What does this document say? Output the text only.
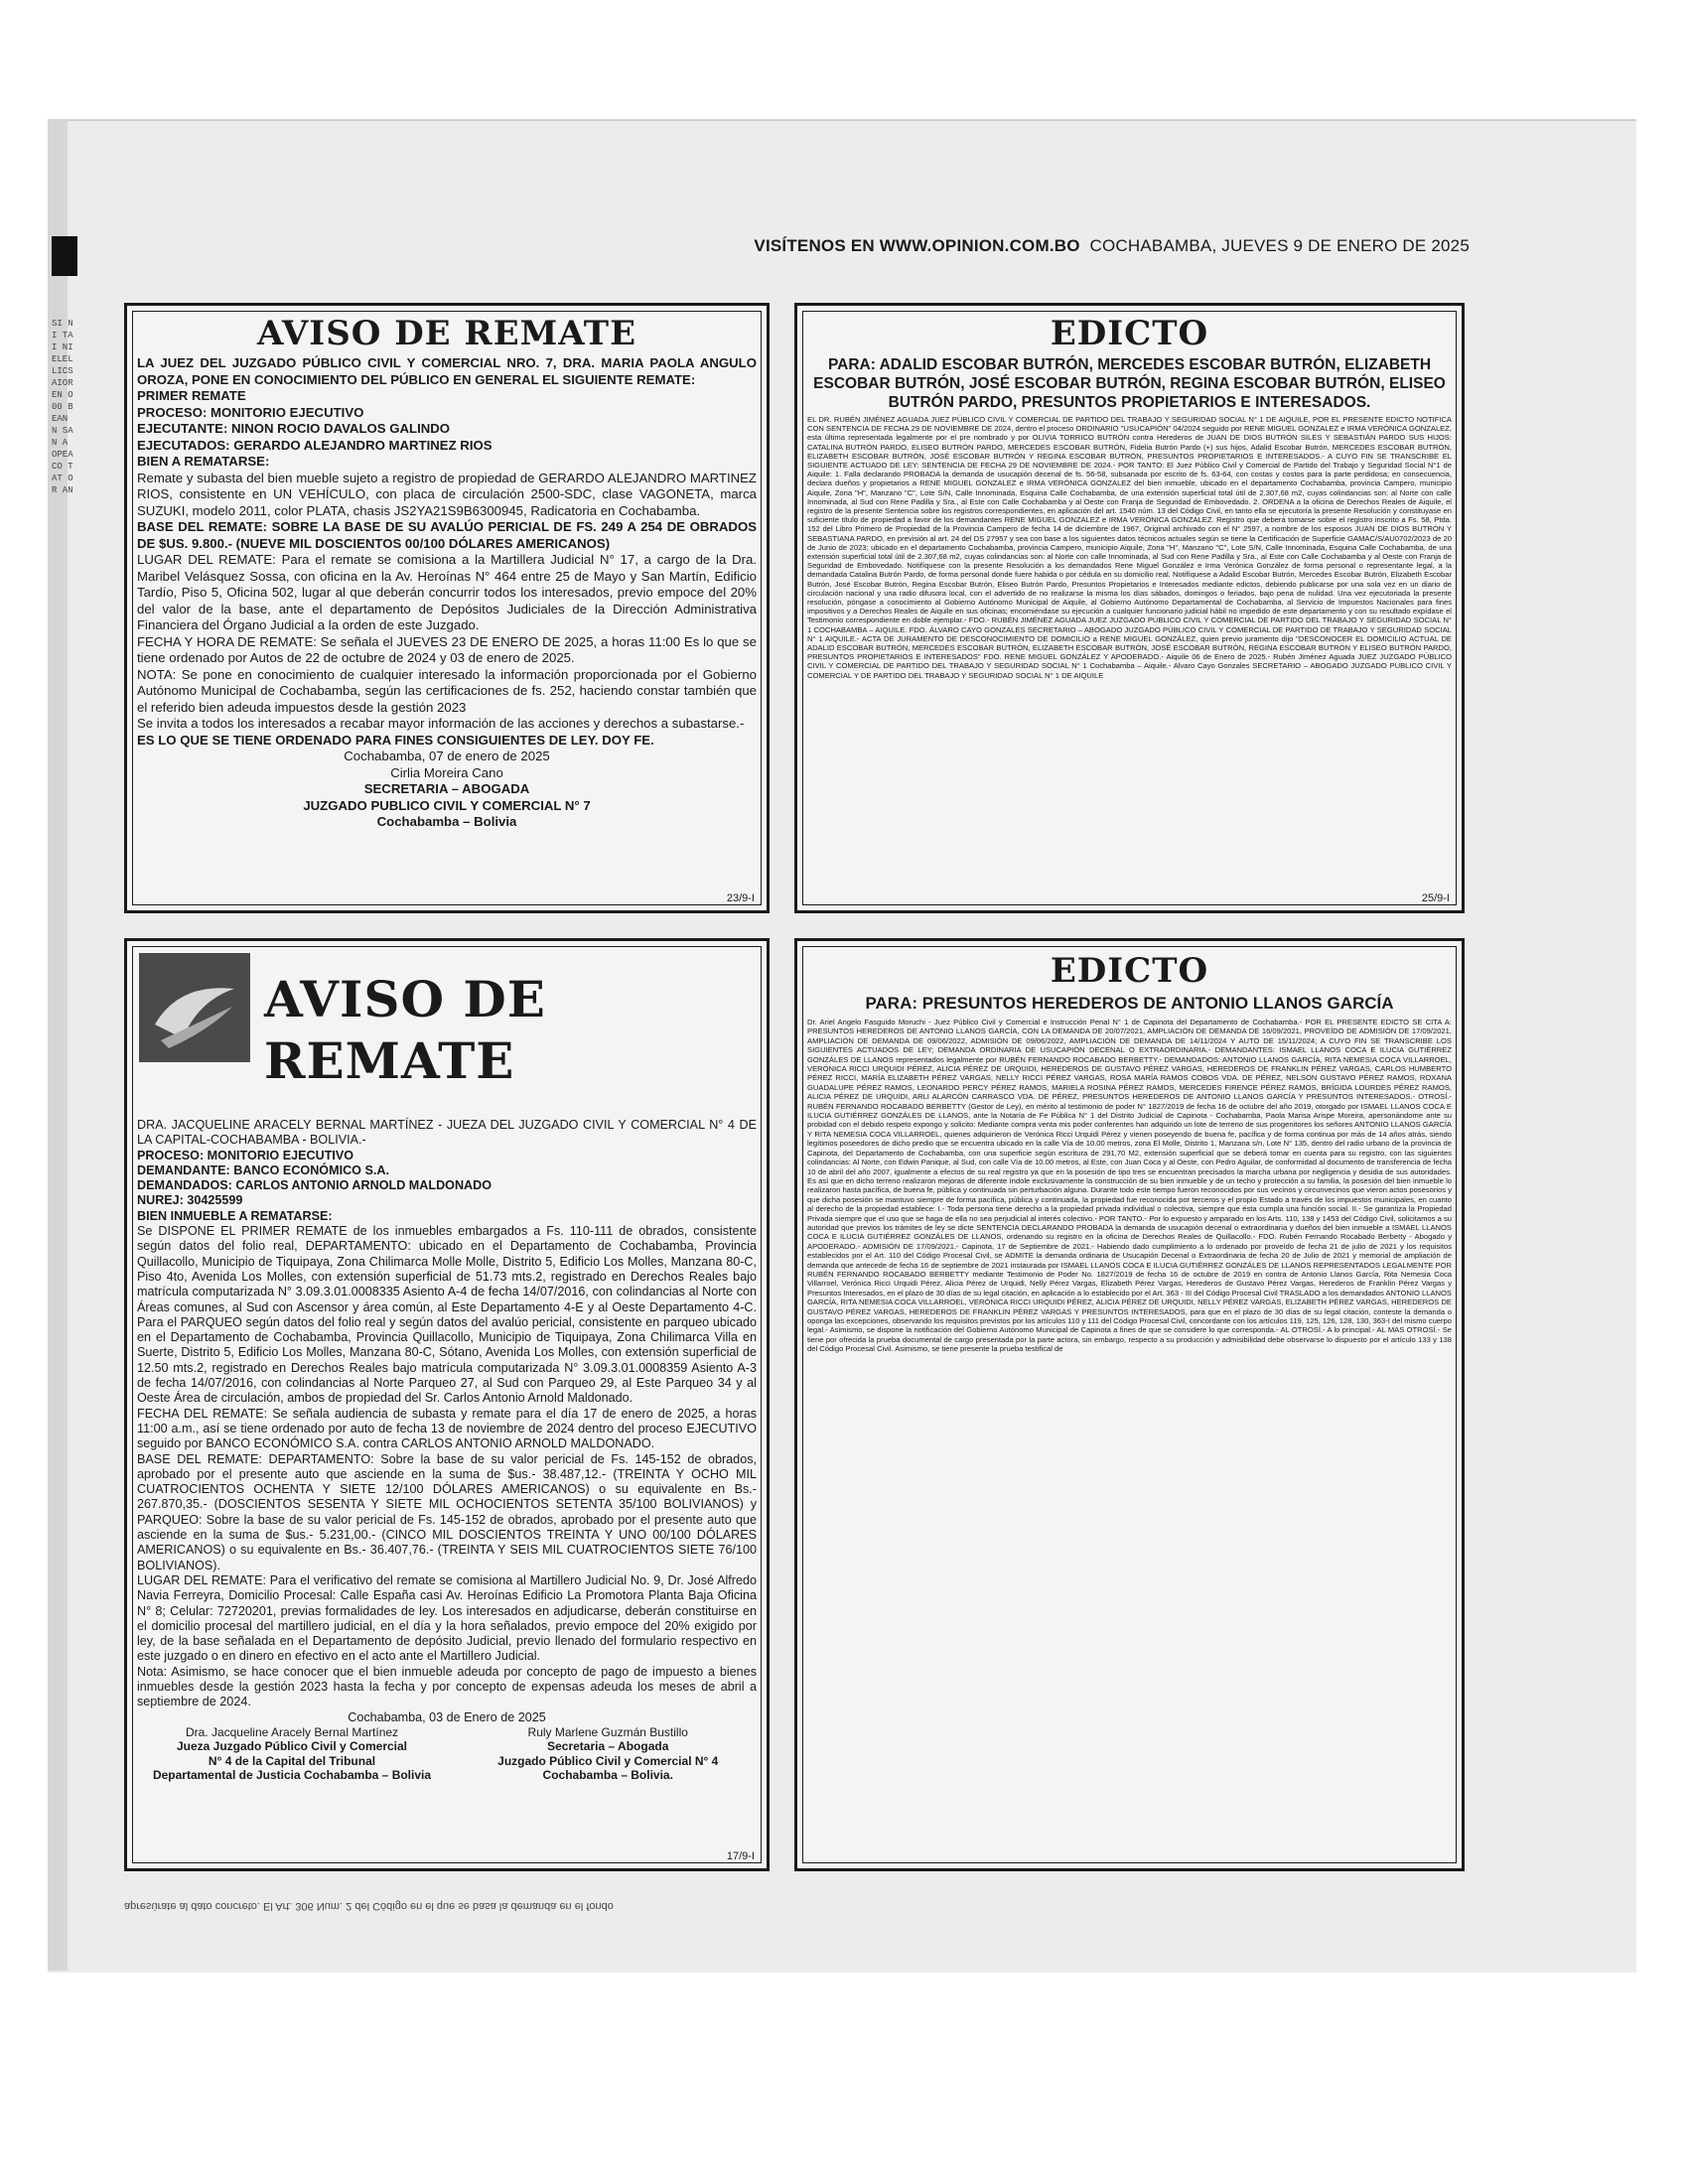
SI NI TAI NI ELELLICSAIOR EN O 00 BEAN N SAN A OPEA CO TAT OR AN
VISÍTENOS EN WWW.OPINION.COM.BO COCHABAMBA, JUEVES 9 DE ENERO DE 2025
AVISO DE REMATE

LA JUEZ DEL JUZGADO PÚBLICO CIVIL Y COMERCIAL NRO. 7, DRA. MARIA PAOLA ANGULO OROZA, PONE EN CONOCIMIENTO DEL PÚBLICO EN GENERAL EL SIGUIENTE REMATE:

PRIMER REMATE
PROCESO: MONITORIO EJECUTIVO
EJECUTANTE: NINON ROCIO DAVALOS GALINDO
EJECUTADOS: GERARDO ALEJANDRO MARTINEZ RIOS
BIEN A REMATARSE:

Remate y subasta del bien mueble sujeto a registro de propiedad de GERARDO ALEJANDRO MARTINEZ RIOS, consistente en UN VEHÍCULO, con placa de circulación 2500-SDC, clase VAGONETA, marca SUZUKI, modelo 2011, color PLATA, chasis JS2YA21S9B6300945, Radicatoria en Cochabamba.

BASE DEL REMATE: SOBRE LA BASE DE SU AVALÚO PERICIAL DE FS. 249 A 254 DE OBRADOS DE $US. 9.800.- (NUEVE MIL DOSCIENTOS 00/100 DÓLARES AMERICANOS)

LUGAR DEL REMATE: Para el remate se comisiona a la Martillera Judicial N° 17, a cargo de la Dra. Maribel Velásquez Sossa, con oficina en la Av. Heroínas N° 464 entre 25 de Mayo y San Martín, Edificio Tardío, Piso 5, Oficina 502, lugar al que deberán concurrir todos los interesados, previo empoce del 20% del valor de la base, ante el departamento de Depósitos Judiciales de la Dirección Administrativa Financiera del Órgano Judicial a la orden de este Juzgado.

FECHA Y HORA DE REMATE: Se señala el JUEVES 23 DE ENERO DE 2025, a horas 11:00 Es lo que se tiene ordenado por Autos de 22 de octubre de 2024 y 03 de enero de 2025.

NOTA: Se pone en conocimiento de cualquier interesado la información proporcionada por el Gobierno Autónomo Municipal de Cochabamba, según las certificaciones de fs. 252, haciendo constar también que el referido bien adeuda impuestos desde la gestión 2023

Se invita a todos los interesados a recabar mayor información de las acciones y derechos a subastarse.-

ES LO QUE SE TIENE ORDENADO PARA FINES CONSIGUIENTES DE LEY. DOY FE.

Cochabamba, 07 de enero de 2025
Cirlia Moreira Cano
SECRETARIA – ABOGADA
JUZGADO PUBLICO CIVIL Y COMERCIAL N° 7
Cochabamba – Bolivia
23/9-I
EDICTO
PARA: ADALID ESCOBAR BUTRÓN, MERCEDES ESCOBAR BUTRÓN, ELIZABETH ESCOBAR BUTRÓN, JOSÉ ESCOBAR BUTRÓN, REGINA ESCOBAR BUTRÓN, ELISEO BUTRÓN PARDO, PRESUNTOS PROPIETARIOS E INTERESADOS.

EL DR. RUBÉN JIMÉNEZ AGUADA JUEZ PÚBLICO CIVIL Y COMERCIAL DE PARTIDO DEL TRABAJO Y SEGURIDAD SOCIAL N° 1 DE AIQUILE, POR EL PRESENTE EDICTO NOTIFICA CON SENTENCIA DE FECHA 29 DE NOVIEMBRE DE 2024, dentro el proceso ORDINARIO "USUCAPIÓN" 04/2024 seguido por RENE MIGUEL GONZALEZ e IRMA VERÓNICA GONZALEZ, esta última representada legalmente por el pre nombrado y por OLIVIA TORRICO BUTRÓN contra Herederos de JUAN DE DIOS BUTRÓN SILES Y SEBASTIÁN PARDO SUS HIJOS: CATALINA BUTRÓN PARDO, ELISEO BUTRÓN PARDO, MERCEDES ESCOBAR BUTRÓN, Fidelia Butrón Pardo (+) sus hijos, Adalid Escobar Butrón, MERCEDES ESCOBAR BUTRÓN, ELIZABETH ESCOBAR BUTRÓN, JOSÉ ESCOBAR BUTRÓN Y REGINA ESCOBAR BUTRÓN, PRESUNTOS PROPIETARIOS E INTERESADOS.- A CUYO FIN SE TRANSCRIBE EL SIGUIENTE ACTUADO DE LEY: SENTENCIA DE FECHA 29 DE NOVIEMBRE DE 2024.- POR TANTO: El Juez Público Civil y Comercial de Partido del Trabajo y Seguridad Social N°1 de Aiquile: 1. Falla declarando PROBADA la demanda de usucapión decenal de fs. 56-58, subsanada por escrito de fs. 63-64, con costas y costos para la parte perdidosa; en consecuencia, declara dueños y propietarios a RENE MIGUEL GONZALEZ e IRMA VERÓNICA GONZALEZ del bien inmueble, ubicado en el departamento Cochabamba, provincia Campero, municipio Aiquile, Zona "H", Manzano "C", Lote S/N, Calle Innominada, Esquina Calle Cochabamba, de una extensión superficial total útil de 2.307,68 m2, cuyas colindancias son: al Norte con calle Innominada, al Sud con Rene Padilla y Sra., al Este con Calle Cochabamba y al Oeste con Franja de Seguridad de Embovedado. 2. ORDENA a la oficina de Derechos Reales de Aiquile, el registro de la presente Sentencia sobre los registros correspondientes, en aplicación del art. 1540 núm. 13 del Código Civil, en tanto ella se ejecutoría la presente Resolución y constituyase en suficiente título de propiedad a favor de los demandantes RENE MIGUEL GONZALEZ e IRMA VERÓNICA GONZALEZ. Registro que deberá tomarse sobre el registro inscrito a Fs. 58, Ptda. 152 del Libro Primero de Propiedad de la Provincia Campero de fecha 14 de diciembre de 1967, Original archivado con el N° 2597, a nombre de los esposos JUAN DE DIOS BUTRÓN Y SEBASTIANA PARDO, en previsión al art. 24 del DS 27957 y sea con base a los siguientes datos técnicos actuales según se tiene la Certificación de Superficie GAMAC/S/AU0702/2023 de 20 de Junio de 2023; ubicado en el departamento Cochabamba, provincia Campero, municipio Aiquile, Zona "H", Manzano "C", Lote S/N, Calle Innominada, Esquina Calle Cochabamba, de una extensión superficial total útil de 2.307,68 m2, cuyas colindancias son: al Norte con calle Innominada, al Sud con Rene Padilla y Sra., al Este con Calle Cochabamba y al Oeste con Franja de Seguridad de Embovedado. Notifíquese con la presente Resolución a los demandados Rene Miguel González e Irma Verónica González de forma personal o representante legal, a la demandada Catalina Butrón Pardo, de forma personal donde fuere habida o por cédula en su domicilio real. Notifíquese a Adalid Escobar Butrón, Mercedes Escobar Butrón, Elizabeth Escobar Butrón, José Escobar Butrón, Regina Escobar Butrón, Eliseo Butrón Pardo, Presuntos Propietarios e Interesados mediante edictos, debiendo publicarse por una sola vez en un diario de circulación nacional y una radio difusora local, con el advertido de no realizarse la misma los días sábados, domingos o feriados, bajo pena de nulidad. Una vez ejecutoriada la presente resolución, póngase a conocimiento al Gobierno Autónomo Municipal de Aiquile, al Gobierno Autónomo Departamental de Cochabamba, al Servicio de Impuestos Nacionales para fines impositivos y a Derechos Reales de Aiquile en sus oficinas; encomiéndase su ejecución a cualquier funcionario judicial hábil no impedido de este departamento y con su resultado expídase el Testimonio correspondiente en doble ejemplar.- FDO.- RUBÉN JIMÉNEZ AGUADA JUEZ JUZGADO PÚBLICO CIVIL Y COMERCIAL DE PARTIDO DEL TRABAJO Y SEGURIDAD SOCIAL N° 1 COCHABAMBA – AIQUILE. FDO. ÁLVARO CAYO GONZALES SECRETARIO – ABOGADO JUZGADO PÚBLICO CIVIL Y COMERCIAL DE PARTIDO DE TRABAJO Y SEGURIDAD SOCIAL N° 1 AIQUILE.- ACTA DE JURAMENTO DE DESCONOCIMIENTO DE DOMICILIO a RENE MIGUEL GONZÁLEZ, quien previo juramento dijo "DESCONOCER EL DOMICILIO ACTUAL DE ADALID ESCOBAR BUTRÓN, MERCEDES ESCOBAR BUTRÓN, ELIZABETH ESCOBAR BUTRÓN, JOSÉ ESCOBAR BUTRÓN, REGINA ESCOBAR BUTRÓN Y ELISEO BUTRÓN PARDO, PRESUNTOS PROPIETARIOS E INTERESADOS" FDO. RENE MIGUEL GONZÁLEZ Y APODERADO.- Aiquile 06 de Enero de 2025.- Rubén Jiménez Aguada JUEZ JUZGADO PÚBLICO CIVIL Y COMERCIAL DE PARTIDO DEL TRABAJO Y SEGURIDAD SOCIAL N° 1 Cochabamba – Aiquile.- Alvaro Cayo Gonzales SECRETARIO – ABOGADO JUZGADO PUBLICO CIVIL Y COMERCIAL Y DE PARTIDO DEL TRABAJO Y SEGURIDAD SOCIAL N° 1 DE AIQUILE

25/9-I
AVISO DE REMATE

DRA. JACQUELINE ARACELY BERNAL MARTÍNEZ - JUEZA DEL JUZGADO CIVIL Y COMERCIAL N° 4 DE LA CAPITAL-COCHABAMBA - BOLIVIA.-

PROCESO: MONITORIO EJECUTIVO
DEMANDANTE: BANCO ECONÓMICO S.A.
DEMANDADOS: CARLOS ANTONIO ARNOLD MALDONADO
NUREJ: 30425599
BIEN INMUEBLE A REMATARSE:

Se DISPONE EL PRIMER REMATE de los inmuebles embargados a Fs. 110-111 de obrados, consistente según datos del folio real, DEPARTAMENTO: ubicado en el Departamento de Cochabamba, Provincia Quillacollo, Municipio de Tiquipaya, Zona Chilimarca Molle Molle, Distrito 5, Edificio Los Molles, Manzana 80-C, Piso 4to, Avenida Los Molles, con extensión superficial de 51.73 mts.2, registrado en Derechos Reales bajo matrícula computarizada N° 3.09.3.01.0008335 Asiento A-4 de fecha 14/07/2016, con colindancias al Norte con Áreas comunes, al Sud con Ascensor y área común, al Este Departamento 4-E y al Oeste Departamento 4-C. Para el PARQUEO según datos del folio real y según datos del avalúo pericial, consistente en parqueo ubicado en el Departamento de Cochabamba, Provincia Quillacollo, Municipio de Tiquipaya, Zona Chilimarca Villa en Suerte, Distrito 5, Edificio Los Molles, Manzana 80-C, Sótano, Avenida Los Molles, con extensión superficial de 12.50 mts.2, registrado en Derechos Reales bajo matrícula computarizada N° 3.09.3.01.0008359 Asiento A-3 de fecha 14/07/2016, con colindancias al Norte Parqueo 27, al Sud con Parqueo 29, al Este Parqueo 34 y al Oeste Área de circulación, ambos de propiedad del Sr. Carlos Antonio Arnold Maldonado.

FECHA DEL REMATE: Se señala audiencia de subasta y remate para el día 17 de enero de 2025, a horas 11:00 a.m., así se tiene ordenado por auto de fecha 13 de noviembre de 2024 dentro del proceso EJECUTIVO seguido por BANCO ECONÓMICO S.A. contra CARLOS ANTONIO ARNOLD MALDONADO.

BASE DEL REMATE: DEPARTAMENTO: Sobre la base de su valor pericial de Fs. 145-152 de obrados, aprobado por el presente auto que asciende en la suma de $us.- 38.487,12.- (TREINTA Y OCHO MIL CUATROCIENTOS OCHENTA Y SIETE 12/100 DÓLARES AMERICANOS) o su equivalente en Bs.- 267.870,35.- (DOSCIENTOS SESENTA Y SIETE MIL OCHOCIENTOS SETENTA 35/100 BOLIVIANOS) y PARQUEO: Sobre la base de su valor pericial de Fs. 145-152 de obrados, aprobado por el presente auto que asciende en la suma de $us.- 5.231,00.- (CINCO MIL DOSCIENTOS TREINTA Y UNO 00/100 DÓLARES AMERICANOS) o su equivalente en Bs.- 36.407,76.- (TREINTA Y SEIS MIL CUATROCIENTOS SIETE 76/100 BOLIVIANOS).

LUGAR DEL REMATE: Para el verificativo del remate se comisiona al Martillero Judicial No. 9, Dr. José Alfredo Navia Ferreyra, Domicilio Procesal: Calle España casi Av. Heroínas Edificio La Promotora Planta Baja Oficina N° 8; Celular: 72720201, previas formalidades de ley. Los interesados en adjudicarse, deberán constituirse en el domicilio procesal del martillero judicial, en el día y la hora señalados, previo empoce del 20% exigido por ley, de la base señalada en el Departamento de depósito Judicial, previo llenado del formulario respectivo en este juzgado o en dinero en efectivo en el acto ante el Martillero Judicial.

Nota: Asimismo, se hace conocer que el bien inmueble adeuda por concepto de pago de impuesto a bienes inmuebles desde la gestión 2023 hasta la fecha y por concepto de expensas adeuda los meses de abril a septiembre de 2024.

Cochabamba, 03 de Enero de 2025
Dra. Jacqueline Aracely Bernal Martínez
Jueza Juzgado Público Civil y Comercial
N° 4 de la Capital del Tribunal
Departamental de Justicia Cochabamba – Bolivia
Ruly Marlene Guzmán Bustillo
Secretaria – Abogada
Juzgado Público Civil y Comercial N° 4
Cochabamba – Bolivia.
17/9-I
EDICTO
PARA: PRESUNTOS HEREDEROS DE ANTONIO LLANOS GARCÍA

Dr. Ariel Angelo Fasguido Moruchi - Juez Público Civil y Comercial e Instrucción Penal N° 1 de Capinota del Departamento de Cochabamba.- POR EL PRESENTE EDICTO SE CITA A: PRESUNTOS HEREDEROS DE ANTONIO LLANOS GARCÍA, CON LA DEMANDA DE 20/07/2021, AMPLIACIÓN DE DEMANDA DE 16/09/2021, PROVEÍDO DE ADMISIÓN DE 17/09/2021, AMPLIACIÓN DE DEMANDA DE 09/06/2022, ADMISIÓN DE 09/06/2022, AMPLIACIÓN DE DEMANDA DE 14/11/2024 Y AUTO DE 15/11/2024; A CUYO FIN SE TRANSCRIBE LOS SIGUIENTES ACTUADOS DE LEY; DEMANDA ORDINARIA DE USUCAPIÓN DECENAL O EXTRAORDINARIA.- DEMANDANTES: ISMAEL LLANOS COCA E ILUCIA GUTIÉRREZ GONZÁLES DE LLANOS representados legalmente por RUBÉN FERNANDO ROCABADO BERBETTY.- DEMANDADOS: ANTONIO LLANOS GARCÍA, RITA NEMESIA COCA VILLARROEL, VERÓNICA RICCI URQUIDI PÉREZ, ALICIA PÉREZ DE URQUIDI, HEREDEROS DE GUSTAVO PÉREZ VARGAS, HEREDEROS DE FRANKLIN PÉREZ VARGAS, CARLOS HUMBERTO PÉREZ RICCI, MARÍA ELIZABETH PÉREZ VARGAS, NELLY RICCI PÉREZ VARGAS, ROSA MARÍA RAMOS COBOS VDA. DE PÉREZ, NELSON GUSTAVO PÉREZ RAMOS, ROXANA GUADALUPE PÉREZ RAMOS, LEONARDO PERCY PÉREZ RAMOS, MARIELA ROSINA PÉREZ RAMOS, MERCEDES FIRENCE PÉREZ RAMOS, BRÍGIDA LOURDES PÉREZ RAMOS, ALICIA PÉREZ DE URQUIDI, ARLI ALARCÓN CARRASCO VDA. DE PÉREZ, PRESUNTOS HEREDEROS DE ANTONIO LLANOS GARCÍA Y PRESUNTOS INTERESADOS.- OTROSÍ.- RUBÉN FERNANDO ROCABADO BERBETTY (Gestor de Ley), en mérito al testimonio de poder N° 1827/2019 de fecha 16 de octubre del año 2019, otorgado por ISMAEL LLANOS COCA E ILUCIA GUTIÉRREZ GONZÁLES DE LLANOS, ante la Notaría de Fe Pública N° 1 del Distrito Judicial de Capinota - Cochabamba, Paola Marisa Arispe Moreira, apersonándome ante su probidad con el debido respeto expongo y solicito: Mediante compra venta mis poder conferentes han adquirido un lote de terreno de sus progenitores los señores ANTONIO LLANOS GARCÍA Y RITA NEMESIA COCA VILLARROEL, quienes adquirieron de Verónica Ricci Urquidi Pérez y vienen poseyendo de buena fe, pacífica y de forma continua por más de 14 años atrás, siendo legítimos poseedores de dicho predio que se encuentra ubicado en la calle Vía de 10.00 metros, zona El Molle, Distrito 1, Manzana s/n, Lote N° 135, dentro del radio urbano de la provincia de Capinota, del Departamento de Cochabamba, con una superficie según escritura de 291,70 M2, extensión superficial que se deberá tomar en cuenta para su registro, con las siguientes colindancias: Al Norte, con Edwin Panique, al Sud, con calle Vía de 10.00 metros, al Este, con Juan Coca y al Oeste, con Pedro Aguilar, de conformidad al documento de transferencia de fecha 10 de abril del año 2007, igualmente a efectos de su real registro ya que en la posesión de tipo tres se encuentran precisados la marcha urbana por negligencia y desidia de sus autoridades. Es así que en dicho terreno realizaron mejoras de diferente índole exclusivamente la construcción de su bien inmueble y de un techo y protección a su familia, la posesión del bien inmueble lo realizaron hasta pacífica, de buena fe, pública y continuada sin perturbación alguna. Durante todo este tiempo fueron reconocidos por sus vecinos y circunvecinos que vieron actos posesorios y que dicha posesión se mantuvo siempre de forma pacífica, pública y continuada, la propiedad fue reconocida por terceros y el propio Estado a través de los impuestos municipales, en cuanto al derecho de la propiedad establece: I.- Toda persona tiene derecho a la propiedad privada individual o colectiva, siempre que ésta cumpla una función social. II.- Se garantiza la Propiedad Privada siempre que el uso que se haga de ella no sea perjudicial al interés colectivo.- POR TANTO.- Por lo expuesto y amparado en los Arts. 110, 138 y 1453 del Código Civil, solicitamos a su autoridad que previos los trámites de ley se dicte SENTENCIA DECLARANDO PROBADA la demanda de usucapión decenal o extraordinaria y dueños del bien inmueble a ISMAEL LLANOS COCA E ILUCIA GUTIÉRREZ GONZÁLES DE LLANOS, ordenando su registro en la oficina de Derechos Reales de Quillacollo.- FDO. Rubén Fernando Rocabado Berbetty - Abogado y APODERADO.- ADMISIÓN DE 17/09/2021.- Capinota, 17 de Septiembre de 2021.- Habiendo dado cumplimiento a lo ordenado por proveído de fecha 21 de julio de 2021 y los requisitos establecidos por el Art. 110 del Código Procesal Civil, se ADMITE la demanda ordinaria de Usucapión Decenal o Extraordinaria de fecha 20 de Julio de 2021 y memorial de ampliación de demanda que antecede de fecha 16 de septiembre de 2021 instaurada por ISMAEL LLANOS COCA E ILUCIA GUTIÉRREZ GONZÁLES DE LLANOS REPRESENTADOS LEGALMENTE POR RUBÉN FERNANDO ROCABADO BERBETTY mediante Testimonio de Poder No. 1827/2019 de fecha 16 de octubre de 2019 en contra de Antonio Llanos García, Rita Nemesia Coca Villarroel, Verónica Ricci Urquidi Pérez, Alicia Pérez de Urquidi, Nelly Pérez Vargas, Elizabeth Pérez Vargas, Herederos de Gustavo Pérez Vargas, Herederos de Franklin Pérez Vargas y Presuntos Interesados, en el plazo de 30 días de su legal citación, en aplicación a lo establecido por el Art. 363 - III del Código Procesal Civil TRASLADO a los demandados ANTONIO LLANOS GARCÍA, RITA NEMESIA COCA VILLARROEL, VERÓNICA RICCI URQUIDI PÉREZ, ALICIA PÉREZ DE URQUIDI, NELLY PÉREZ VARGAS, ELIZABETH PÉREZ VARGAS, HEREDEROS DE GUSTAVO PÉREZ VARGAS, HEREDEROS DE FRANKLIN PÉREZ VARGAS Y PRESUNTOS INTERESADOS, para que en el plazo de 30 días de su legal citación, conteste la demanda o oponga las excepciones, observando los requisitos previstos por los artículos 110 y 111 del Código Procesal Civil, concordante con los artículos 119, 125, 126, 128, 130, 363-I del mismo cuerpo legal.- Asimismo, se dispone la notificación del Gobierno Autónomo Municipal de Capinota a fines de que se considere lo que corresponda.- AL OTROSÍ.- A lo principal.- AL MAS OTROSÍ.- Se tiene por ofrecida la prueba documental de cargo presentada por la parte actora, sin embargo, respecto a su producción y admisibilidad debe observarse lo dispuesto por el artículo 133 y 138 del Código Procesal Civil. Asimismo, se tiene presente la prueba testifical de

apresúrate al dato concreto. El Art. 306 Num. 2 del Código en el que se basa la demanda en el fondo
